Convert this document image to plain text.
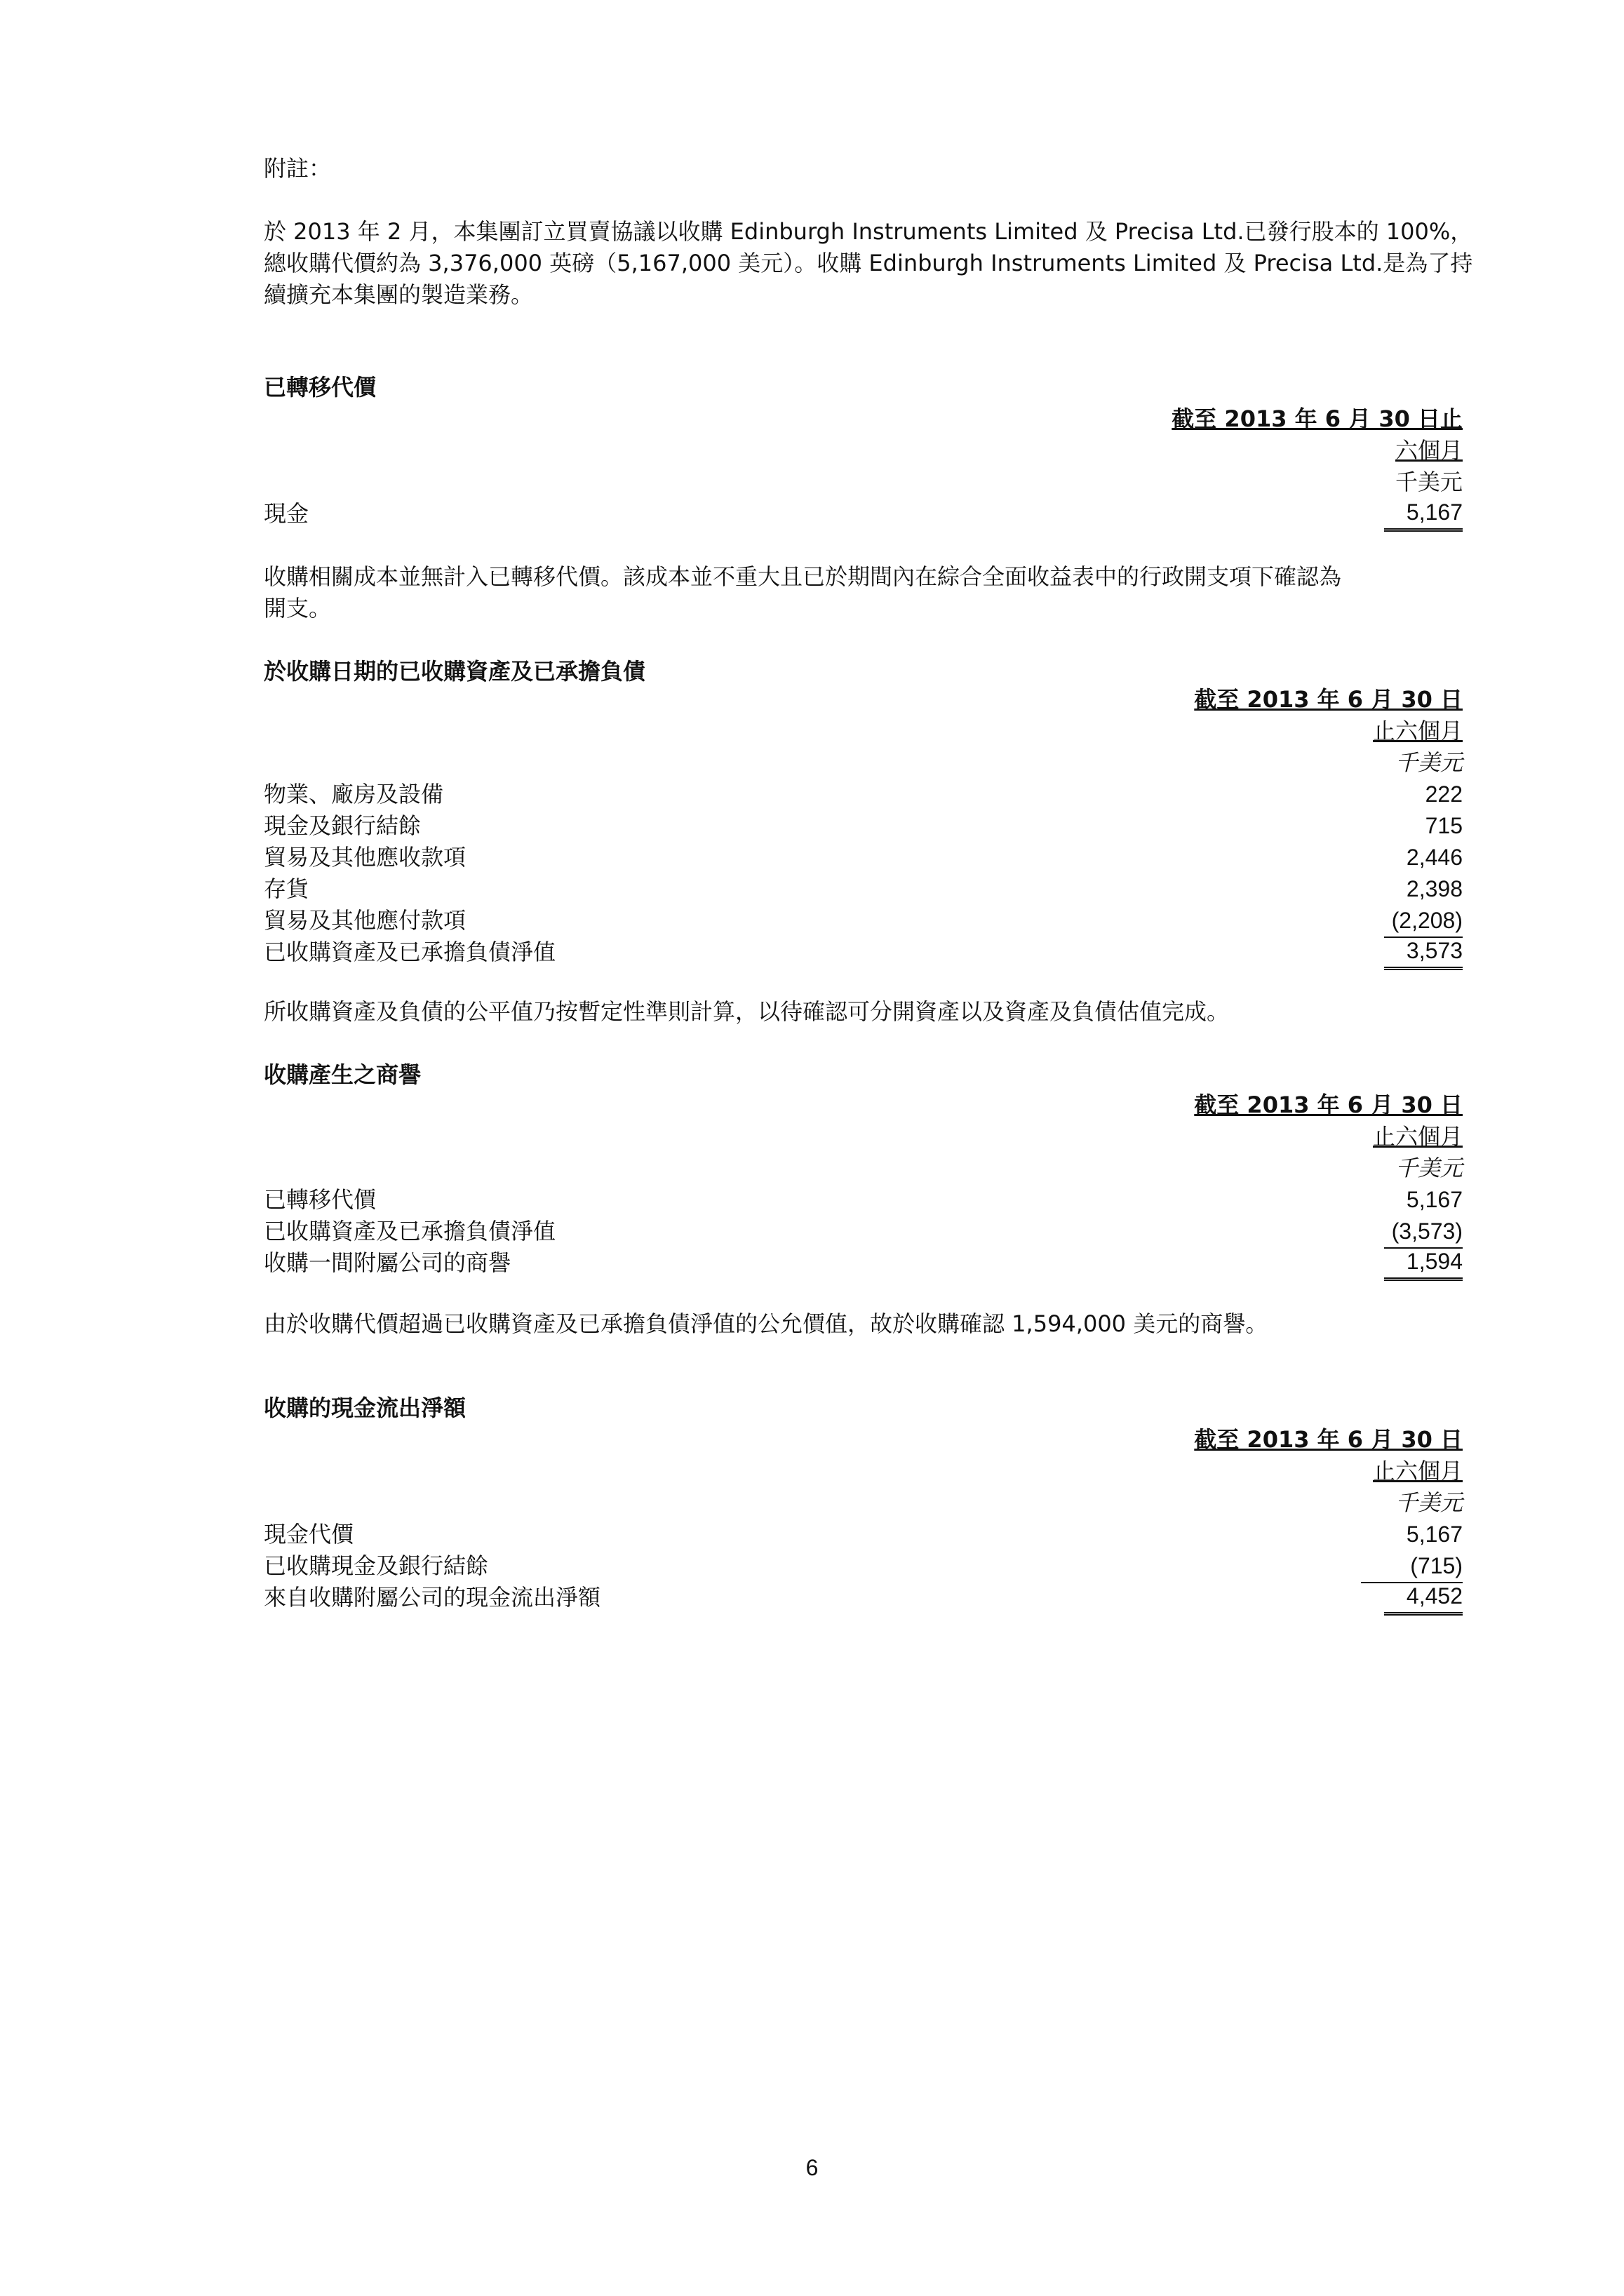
附註：
於 2013 年 2 月，本集團訂立買賣協議以收購 Edinburgh Instruments Limited 及 Precisa Ltd.已發行股本的 100%，總收購代價約為 3,376,000 英磅（5,167,000 美元）。收購 Edinburgh Instruments Limited 及 Precisa Ltd.是為了持續擴充本集團的製造業務。
已轉移代價
截至 2013 年 6 月 30 日止
六個月
千美元
現金	5,167
收購相關成本並無計入已轉移代價。該成本並不重大且已於期間內在綜合全面收益表中的行政開支項下確認為開支。
於收購日期的已收購資產及已承擔負債
截至 2013 年 6 月 30 日
止六個月
千美元
物業、廠房及設備	222
現金及銀行結餘	715
貿易及其他應收款項	2,446
存貨	2,398
貿易及其他應付款項	(2,208)
已收購資產及已承擔負債淨值	3,573
所收購資產及負債的公平值乃按暫定性準則計算，以待確認可分開資產以及資產及負債估值完成。
收購產生之商譽
截至 2013 年 6 月 30 日
止六個月
千美元
已轉移代價	5,167
已收購資產及已承擔負債淨值	(3,573)
收購一間附屬公司的商譽	1,594
由於收購代價超過已收購資產及已承擔負債淨值的公允價值，故於收購確認 1,594,000 美元的商譽。
收購的現金流出淨額
截至 2013 年 6 月 30 日
止六個月
千美元
現金代價	5,167
已收購現金及銀行結餘	(715)
來自收購附屬公司的現金流出淨額	4,452
6
